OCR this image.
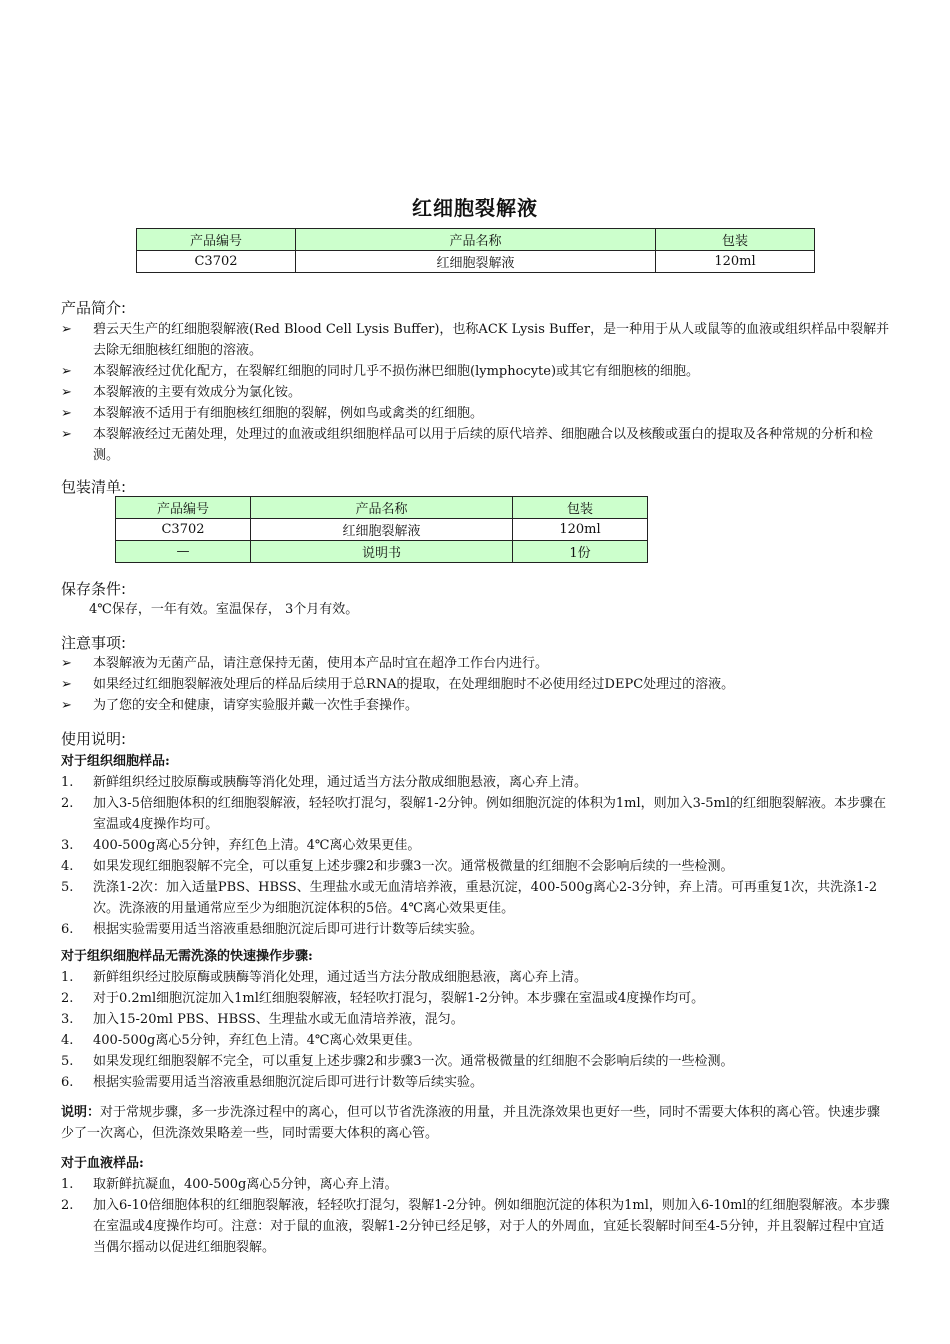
红细胞裂解液
产品编号	产品名称	包装
C3702	红细胞裂解液	120ml
产品简介:
➢	碧云天生产的红细胞裂解液(Red Blood Cell Lysis Buffer)，也称ACK Lysis Buffer，是一种用于从人或鼠等的血液或组织样品中裂解并去除无细胞核红细胞的溶液。
➢	本裂解液经过优化配方，在裂解红细胞的同时几乎不损伤淋巴细胞(lymphocyte)或其它有细胞核的细胞。
➢	本裂解液的主要有效成分为氯化铵。
➢	本裂解液不适用于有细胞核红细胞的裂解，例如鸟或禽类的红细胞。
➢	本裂解液经过无菌处理，处理过的血液或组织细胞样品可以用于后续的原代培养、细胞融合以及核酸或蛋白的提取及各种常规的分析和检测。
包装清单:
产品编号	产品名称	包装
C3702	红细胞裂解液	120ml
—	说明书	1份
保存条件:
4℃保存，一年有效。室温保存， 3个月有效。
注意事项:
➢	本裂解液为无菌产品，请注意保持无菌，使用本产品时宜在超净工作台内进行。
➢	如果经过红细胞裂解液处理后的样品后续用于总RNA的提取，在处理细胞时不必使用经过DEPC处理过的溶液。
➢	为了您的安全和健康，请穿实验服并戴一次性手套操作。
使用说明:
对于组织细胞样品:
1.	新鲜组织经过胶原酶或胰酶等消化处理，通过适当方法分散成细胞悬液，离心弃上清。
2.	加入3-5倍细胞体积的红细胞裂解液，轻轻吹打混匀，裂解1-2分钟。例如细胞沉淀的体积为1ml，则加入3-5ml的红细胞裂解液。本步骤在室温或4度操作均可。
3.	400-500g离心5分钟，弃红色上清。4℃离心效果更佳。
4.	如果发现红细胞裂解不完全，可以重复上述步骤2和步骤3一次。通常极微量的红细胞不会影响后续的一些检测。
5.	洗涤1-2次：加入适量PBS、HBSS、生理盐水或无血清培养液，重悬沉淀，400-500g离心2-3分钟，弃上清。可再重复1次，共洗涤1-2次。洗涤液的用量通常应至少为细胞沉淀体积的5倍。4℃离心效果更佳。
6.	根据实验需要用适当溶液重悬细胞沉淀后即可进行计数等后续实验。
对于组织细胞样品无需洗涤的快速操作步骤:
1.	新鲜组织经过胶原酶或胰酶等消化处理，通过适当方法分散成细胞悬液，离心弃上清。
2.	对于0.2ml细胞沉淀加入1ml红细胞裂解液，轻轻吹打混匀，裂解1-2分钟。本步骤在室温或4度操作均可。
3.	加入15-20ml PBS、HBSS、生理盐水或无血清培养液，混匀。
4.	400-500g离心5分钟，弃红色上清。4℃离心效果更佳。
5.	如果发现红细胞裂解不完全，可以重复上述步骤2和步骤3一次。通常极微量的红细胞不会影响后续的一些检测。
6.	根据实验需要用适当溶液重悬细胞沉淀后即可进行计数等后续实验。
说明：对于常规步骤，多一步洗涤过程中的离心，但可以节省洗涤液的用量，并且洗涤效果也更好一些，同时不需要大体积的离心管。快速步骤少了一次离心，但洗涤效果略差一些，同时需要大体积的离心管。
对于血液样品:
1.	取新鲜抗凝血，400-500g离心5分钟，离心弃上清。
2.	加入6-10倍细胞体积的红细胞裂解液，轻轻吹打混匀，裂解1-2分钟。例如细胞沉淀的体积为1ml，则加入6-10ml的红细胞裂解液。本步骤在室温或4度操作均可。注意：对于鼠的血液，裂解1-2分钟已经足够，对于人的外周血，宜延长裂解时间至4-5分钟，并且裂解过程中宜适当偶尔摇动以促进红细胞裂解。
